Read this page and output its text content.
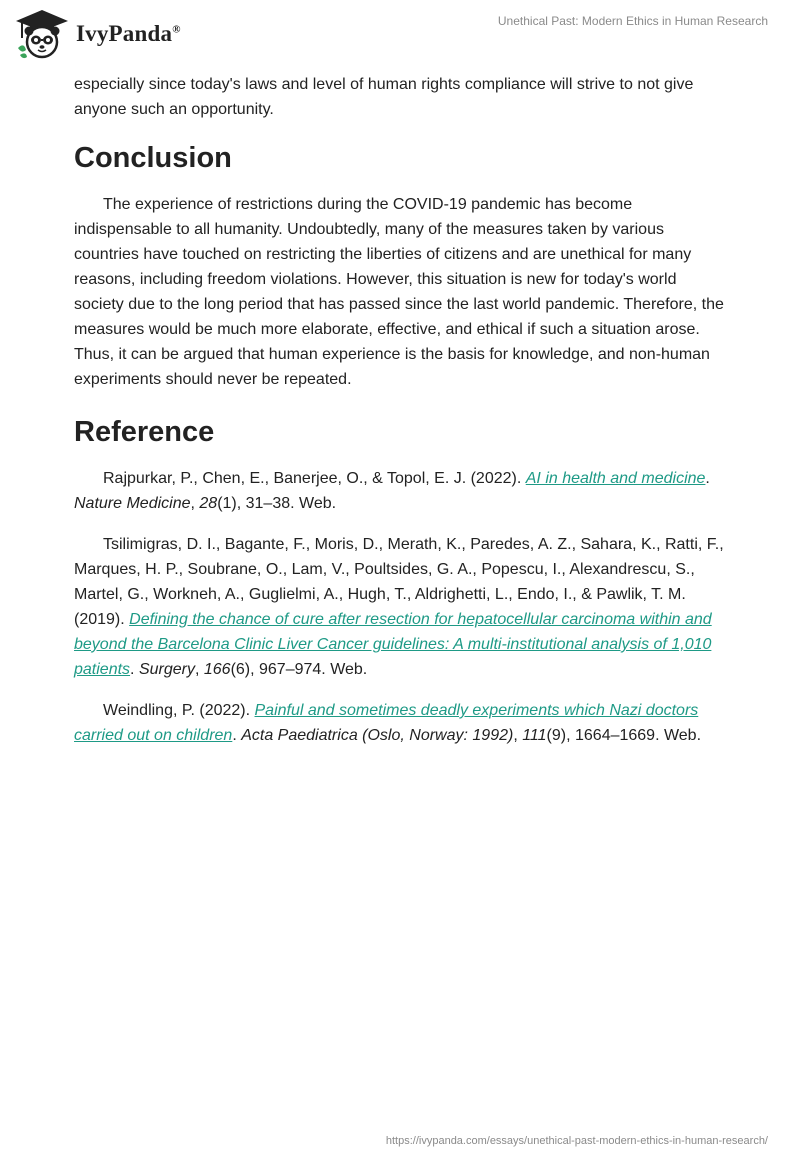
IvyPanda®
Unethical Past: Modern Ethics in Human Research

especially since today's laws and level of human rights compliance will strive to not give anyone such an opportunity.

Conclusion

The experience of restrictions during the COVID-19 pandemic has become indispensable to all humanity. Undoubtedly, many of the measures taken by various countries have touched on restricting the liberties of citizens and are unethical for many reasons, including freedom violations. However, this situation is new for today's world society due to the long period that has passed since the last world pandemic. Therefore, the measures would be much more elaborate, effective, and ethical if such a situation arose. Thus, it can be argued that human experience is the basis for knowledge, and non-human experiments should never be repeated.

Reference

Rajpurkar, P., Chen, E., Banerjee, O., & Topol, E. J. (2022). AI in health and medicine. Nature Medicine, 28(1), 31–38. Web.

Tsilimigras, D. I., Bagante, F., Moris, D., Merath, K., Paredes, A. Z., Sahara, K., Ratti, F., Marques, H. P., Soubrane, O., Lam, V., Poultsides, G. A., Popescu, I., Alexandrescu, S., Martel, G., Workneh, A., Guglielmi, A., Hugh, T., Aldrighetti, L., Endo, I., & Pawlik, T. M. (2019). Defining the chance of cure after resection for hepatocellular carcinoma within and beyond the Barcelona Clinic Liver Cancer guidelines: A multi-institutional analysis of 1,010 patients. Surgery, 166(6), 967–974. Web.

Weindling, P. (2022). Painful and sometimes deadly experiments which Nazi doctors carried out on children. Acta Paediatrica (Oslo, Norway: 1992), 111(9), 1664–1669. Web.

https://ivypanda.com/essays/unethical-past-modern-ethics-in-human-research/
